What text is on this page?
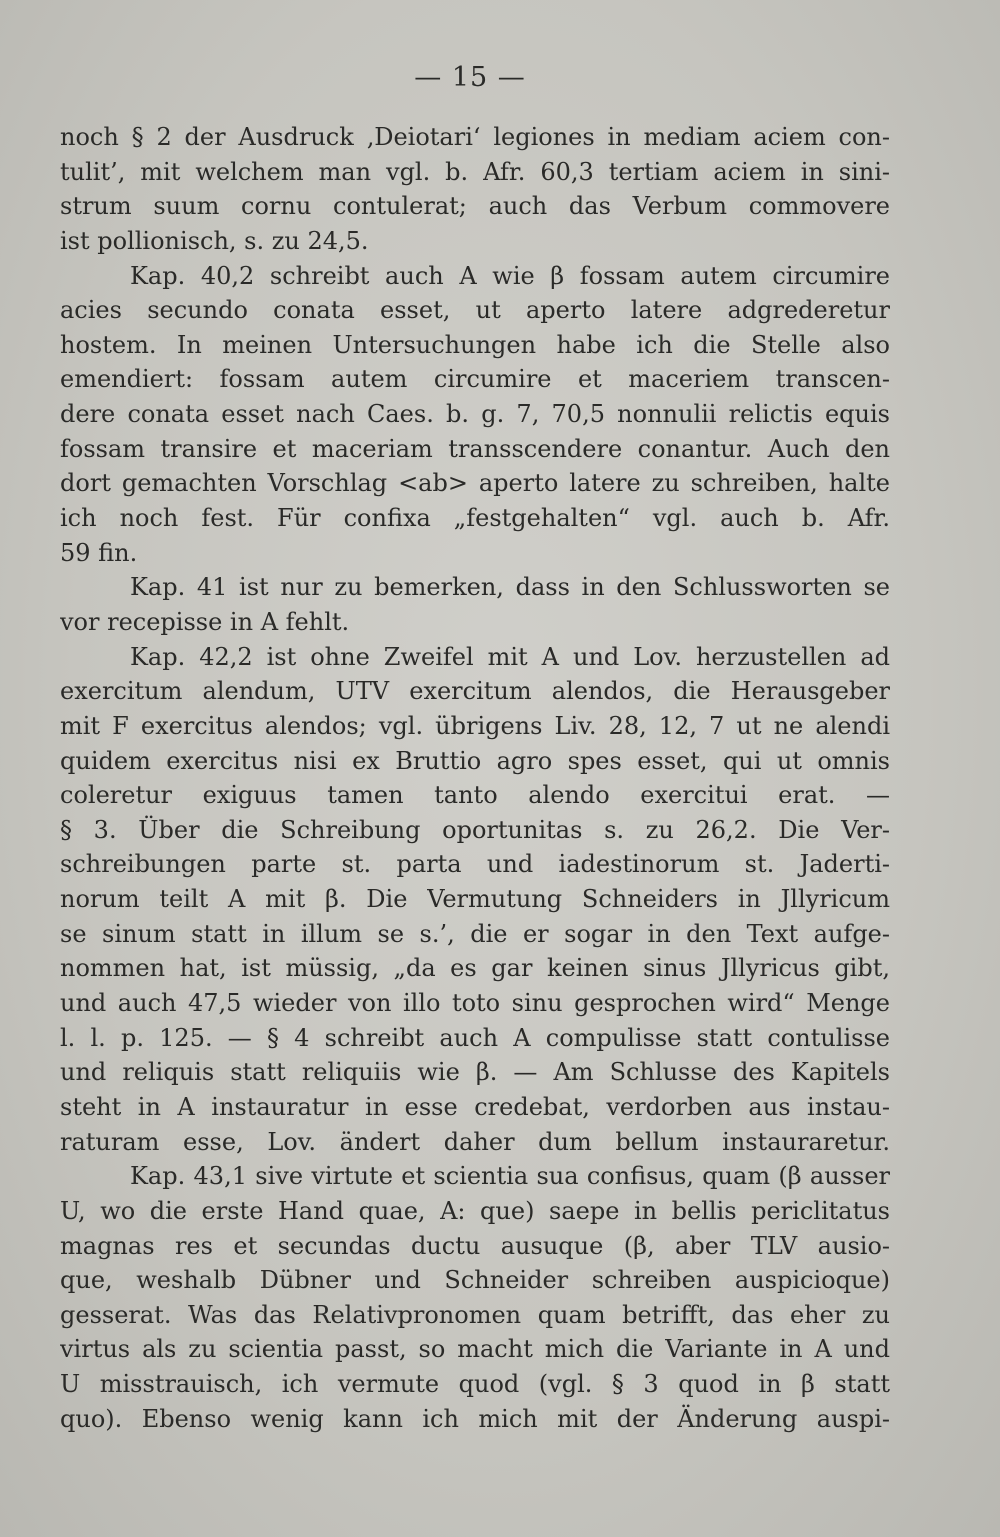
— 15 —
noch § 2 der Ausdruck ‚Deiotari‘ legiones in mediam aciem con-
tulit’, mit welchem man vgl. b. Afr. 60,3 tertiam aciem in sini-
strum suum cornu contulerat; auch das Verbum commovere
ist pollionisch, s. zu 24,5.
Kap. 40,2 schreibt auch A wie β fossam autem circumire
acies secundo conata esset, ut aperto latere adgrederetur
hostem. In meinen Untersuchungen habe ich die Stelle also
emendiert: fossam autem circumire et maceriem transcen-
dere conata esset nach Caes. b. g. 7, 70,5 nonnulii relictis equis
fossam transire et maceriam transscendere conantur. Auch den
dort gemachten Vorschlag <ab> aperto latere zu schreiben, halte
ich noch fest. Für confixa „festgehalten“ vgl. auch b. Afr.
59 fin.
Kap. 41 ist nur zu bemerken, dass in den Schlussworten se
vor recepisse in A fehlt.
Kap. 42,2 ist ohne Zweifel mit A und Lov. herzustellen ad
exercitum alendum, UTV exercitum alendos, die Herausgeber
mit F exercitus alendos; vgl. übrigens Liv. 28, 12, 7 ut ne alendi
quidem exercitus nisi ex Bruttio agro spes esset, qui ut omnis
coleretur exiguus tamen tanto alendo exercitui erat. —
§ 3. Über die Schreibung oportunitas s. zu 26,2. Die Ver-
schreibungen parte st. parta und iadestinorum st. Jaderti-
norum teilt A mit β. Die Vermutung Schneiders in Jllyricum
se sinum statt in illum se s.’, die er sogar in den Text aufge-
nommen hat, ist müssig, „da es gar keinen sinus Jllyricus gibt,
und auch 47,5 wieder von illo toto sinu gesprochen wird“ Menge
l. l. p. 125. — § 4 schreibt auch A compulisse statt contulisse
und reliquis statt reliquiis wie β. — Am Schlusse des Kapitels
steht in A instauratur in esse credebat, verdorben aus instau-
raturam esse, Lov. ändert daher dum bellum instauraretur.
Kap. 43,1 sive virtute et scientia sua confisus, quam (β ausser
U, wo die erste Hand quae, A: que) saepe in bellis periclitatus
magnas res et secundas ductu ausuque (β, aber TLV ausio-
que, weshalb Dübner und Schneider schreiben auspicioque)
gesserat. Was das Relativpronomen quam betrifft, das eher zu
virtus als zu scientia passt, so macht mich die Variante in A und
U misstrauisch, ich vermute quod (vgl. § 3 quod in β statt
quo). Ebenso wenig kann ich mich mit der Änderung auspi-
